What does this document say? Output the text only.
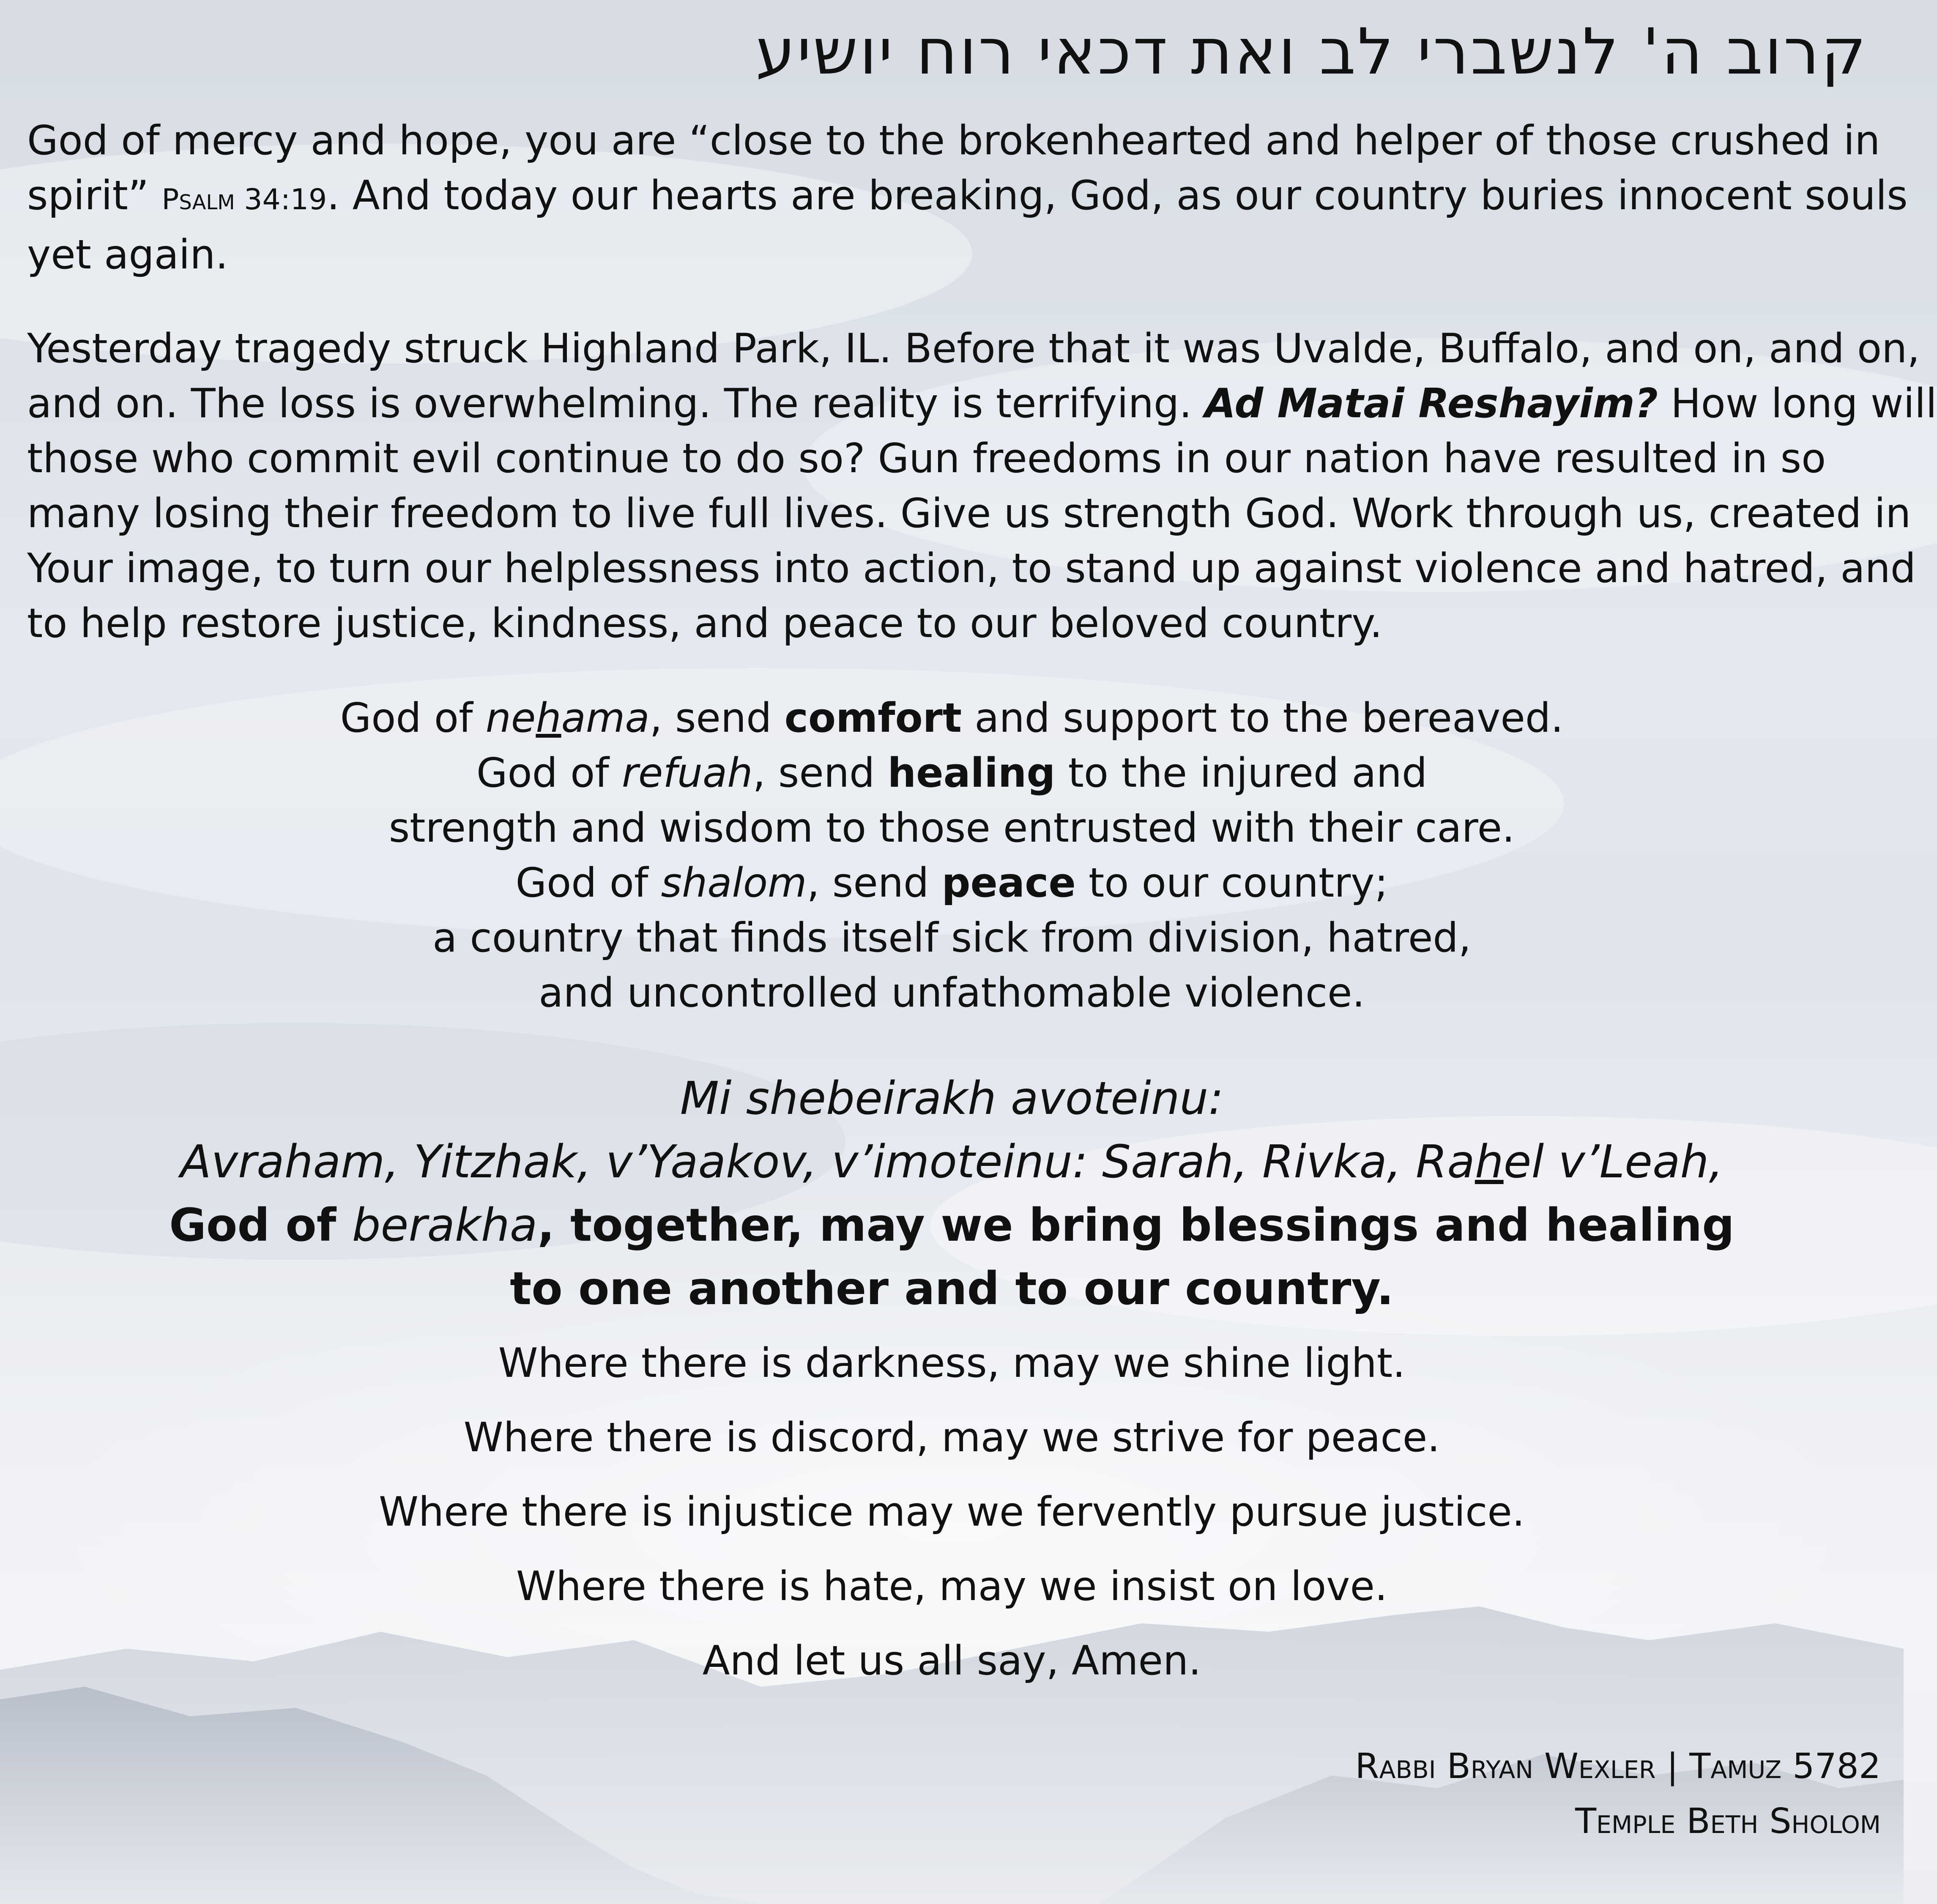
קרוב ה' לנשברי לב ואת דכאי רוח יושיע

God of mercy and hope, you are “close to the brokenhearted and helper of those crushed in
spirit” Psalm 34:19. And today our hearts are breaking, God, as our country buries innocent souls
yet again.

Yesterday tragedy struck Highland Park, IL. Before that it was Uvalde, Buffalo, and on, and on,
and on. The loss is overwhelming. The reality is terrifying. Ad Matai Reshayim? How long will
those who commit evil continue to do so? Gun freedoms in our nation have resulted in so
many losing their freedom to live full lives. Give us strength God. Work through us, created in
Your image, to turn our helplessness into action, to stand up against violence and hatred, and
to help restore justice, kindness, and peace to our beloved country.

God of nehama, send comfort and support to the bereaved.
God of refuah, send healing to the injured and
strength and wisdom to those entrusted with their care.
God of shalom, send peace to our country;
a country that finds itself sick from division, hatred,
and uncontrolled unfathomable violence.

Mi shebeirakh avoteinu:
Avraham, Yitzhak, v’Yaakov, v’imoteinu: Sarah, Rivka, Rahel v’Leah,
God of berakha, together, may we bring blessings and healing
to one another and to our country.

Where there is darkness, may we shine light.
Where there is discord, may we strive for peace.
Where there is injustice may we fervently pursue justice.
Where there is hate, may we insist on love.
And let us all say, Amen.
Rabbi Bryan Wexler | Tamuz 5782
Temple Beth Sholom
